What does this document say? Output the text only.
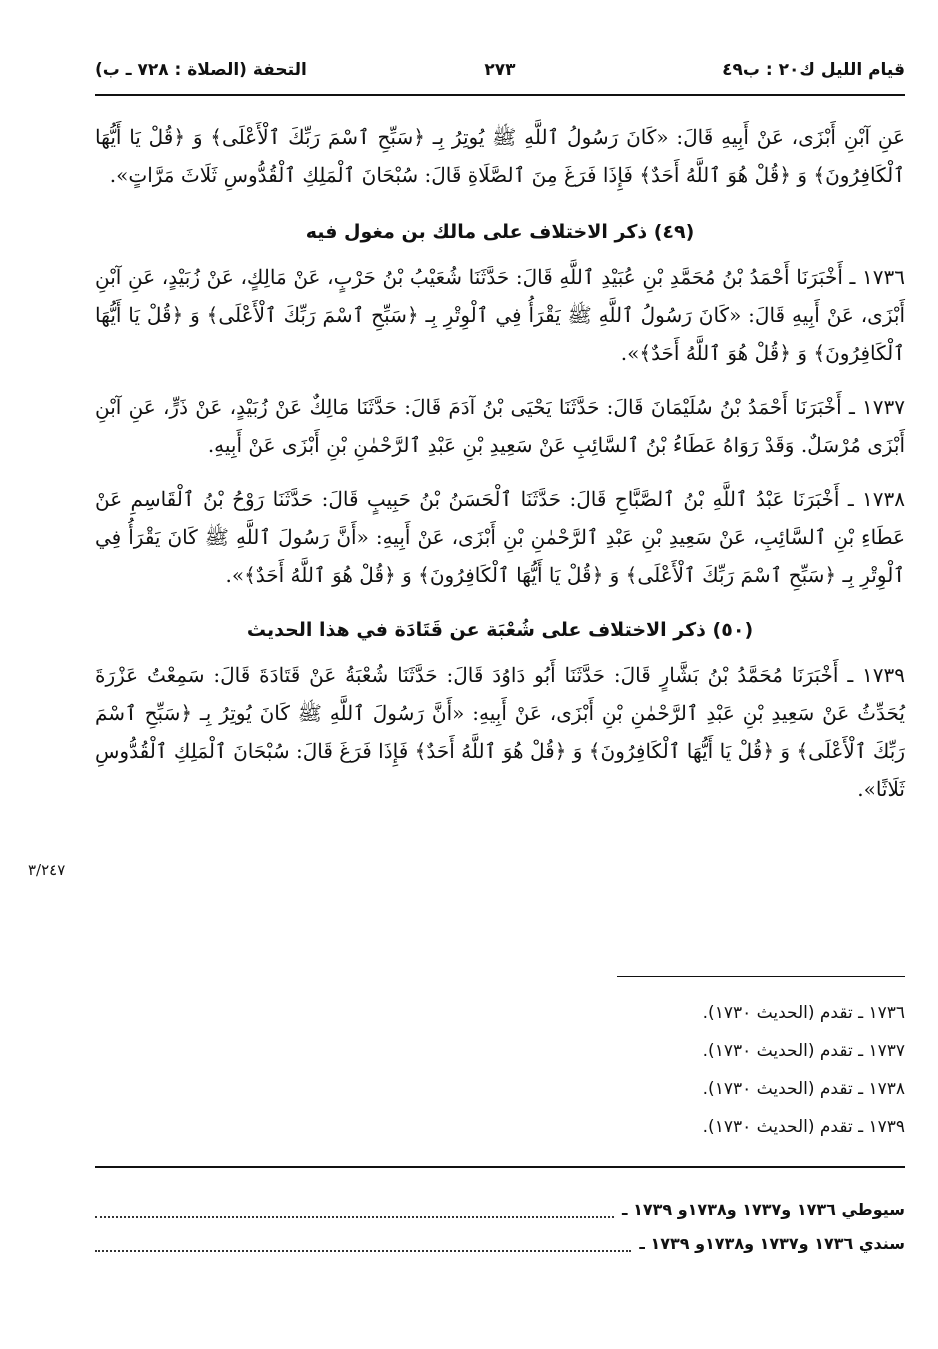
قيام الليل ك٢٠ : ب٤٩
٢٧٣
التحفة (الصلاة : ٧٢٨ ـ ب)

عَنِ آبْنِ أَبْزَى، عَنْ أَبِيهِ قَالَ: «كَانَ رَسُولُ ٱللَّهِ ﷺ يُوتِرُ بِـ ﴿سَبِّحِ ٱسْمَ رَبِّكَ ٱلْأَعْلَى﴾ وَ ﴿قُلْ يَا أَيُّهَا ٱلْكَافِرُونَ﴾ وَ ﴿قُلْ هُوَ ٱللَّهُ أَحَدٌ﴾ فَإِذَا فَرَغَ مِنَ ٱلصَّلَاةِ قَالَ: سُبْحَانَ ٱلْمَلِكِ ٱلْقُدُّوسِ ثَلَاثَ مَرَّاتٍ».

(٤٩) ذكر الاختلاف على مالك بن مغول فيه

١٧٣٦ ـ أَخْبَرَنَا أَحْمَدُ بْنُ مُحَمَّدِ بْنِ عُبَيْدِ ٱللَّهِ قَالَ: حَدَّثَنَا شُعَيْبُ بْنُ حَرْبٍ، عَنْ مَالِكٍ، عَنْ زُبَيْدٍ، عَنِ آبْنِ أَبْزَى، عَنْ أَبِيهِ قَالَ: «كَانَ رَسُولُ ٱللَّهِ ﷺ يَقْرَأُ فِي ٱلْوِتْرِ بِـ ﴿سَبِّحِ ٱسْمَ رَبِّكَ ٱلْأَعْلَى﴾ وَ ﴿قُلْ يَا أَيُّهَا ٱلْكَافِرُونَ﴾ وَ ﴿قُلْ هُوَ ٱللَّهُ أَحَدٌ﴾».

١٧٣٧ ـ أَخْبَرَنَا أَحْمَدُ بْنُ سُلَيْمَانَ قَالَ: حَدَّثَنَا يَحْيَى بْنُ آدَمَ قَالَ: حَدَّثَنَا مَالِكٌ عَنْ زُبَيْدٍ، عَنْ ذَرٍّ، عَنِ آبْنِ أَبْزَى مُرْسَلٌ. وَقَدْ رَوَاهُ عَطَاءُ بْنُ ٱلسَّائِبِ عَنْ سَعِيدِ بْنِ عَبْدِ ٱلرَّحْمٰنِ بْنِ أَبْزَى عَنْ أَبِيهِ.

١٧٣٨ ـ أَخْبَرَنَا عَبْدُ ٱللَّهِ بْنُ ٱلصَّبَّاحِ قَالَ: حَدَّثَنَا ٱلْحَسَنُ بْنُ حَبِيبٍ قَالَ: حَدَّثَنَا رَوْحُ بْنُ ٱلْقَاسِمِ عَنْ عَطَاءِ بْنِ ٱلسَّائِبِ، عَنْ سَعِيدِ بْنِ عَبْدِ ٱلرَّحْمٰنِ بْنِ أَبْزَى، عَنْ أَبِيهِ: «أَنَّ رَسُولَ ٱللَّهِ ﷺ كَانَ يَقْرَأُ فِي ٱلْوِتْرِ بِـ ﴿سَبِّحِ ٱسْمَ رَبِّكَ ٱلْأَعْلَى﴾ وَ ﴿قُلْ يَا أَيُّهَا ٱلْكَافِرُونَ﴾ وَ ﴿قُلْ هُوَ ٱللَّهُ أَحَدٌ﴾».

(٥٠) ذكر الاختلاف على شُعْبَة عن قَتَادَة في هذا الحديث

١٧٣٩ ـ أَخْبَرَنَا مُحَمَّدُ بْنُ بَشَّارٍ قَالَ: حَدَّثَنَا أَبُو دَاوُدَ قَالَ: حَدَّثَنَا شُعْبَةُ عَنْ قَتَادَةَ قَالَ: سَمِعْتُ عَزْرَةَ يُحَدِّثُ عَنْ سَعِيدِ بْنِ عَبْدِ ٱلرَّحْمٰنِ بْنِ أَبْزَى، عَنْ أَبِيهِ: «أَنَّ رَسُولَ ٱللَّهِ ﷺ كَانَ يُوتِرُ بِـ ﴿سَبِّحِ ٱسْمَ رَبِّكَ ٱلْأَعْلَى﴾ وَ ﴿قُلْ يَا أَيُّهَا ٱلْكَافِرُونَ﴾ وَ ﴿قُلْ هُوَ ٱللَّهُ أَحَدٌ﴾ فَإِذَا فَرَغَ قَالَ: سُبْحَانَ ٱلْمَلِكِ ٱلْقُدُّوسِ ثَلَاثًا».

٣/٢٤٧
١٧٣٦ ـ تقدم (الحديث ١٧٣٠).
١٧٣٧ ـ تقدم (الحديث ١٧٣٠).
١٧٣٨ ـ تقدم (الحديث ١٧٣٠).
١٧٣٩ ـ تقدم (الحديث ١٧٣٠).
سيوطي ١٧٣٦ و١٧٣٧ و١٧٣٨و ١٧٣٩ ـ
سندي ١٧٣٦ و١٧٣٧ و١٧٣٨و ١٧٣٩ ـ
